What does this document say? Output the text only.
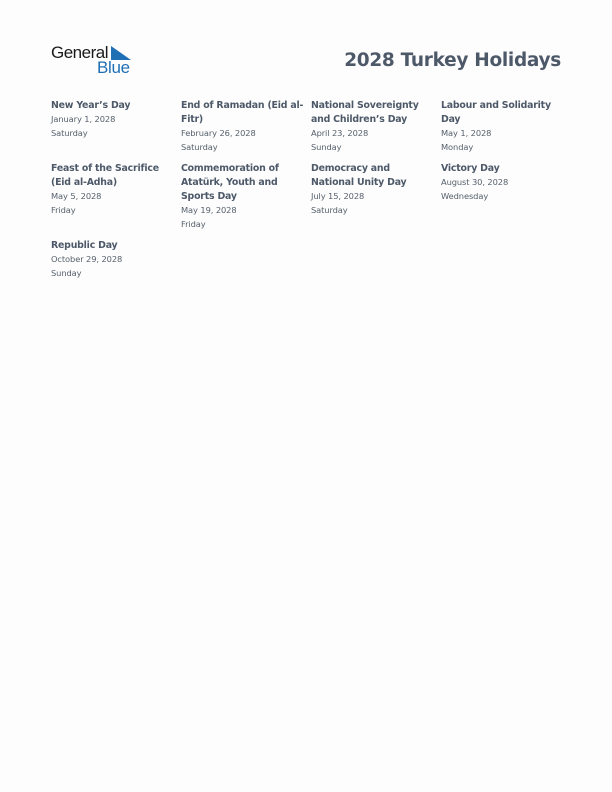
General
Blue	2028 Turkey Holidays
New Year’s Day
January 1, 2028
Saturday
End of Ramadan (Eid al-Fitr)
February 26, 2028
Saturday
National Sovereignty and Children’s Day
April 23, 2028
Sunday
Labour and Solidarity Day
May 1, 2028
Monday
Feast of the Sacrifice (Eid al-Adha)
May 5, 2028
Friday
Commemoration of Atatürk, Youth and Sports Day
May 19, 2028
Friday
Democracy and National Unity Day
July 15, 2028
Saturday
Victory Day
August 30, 2028
Wednesday
Republic Day
October 29, 2028
Sunday
